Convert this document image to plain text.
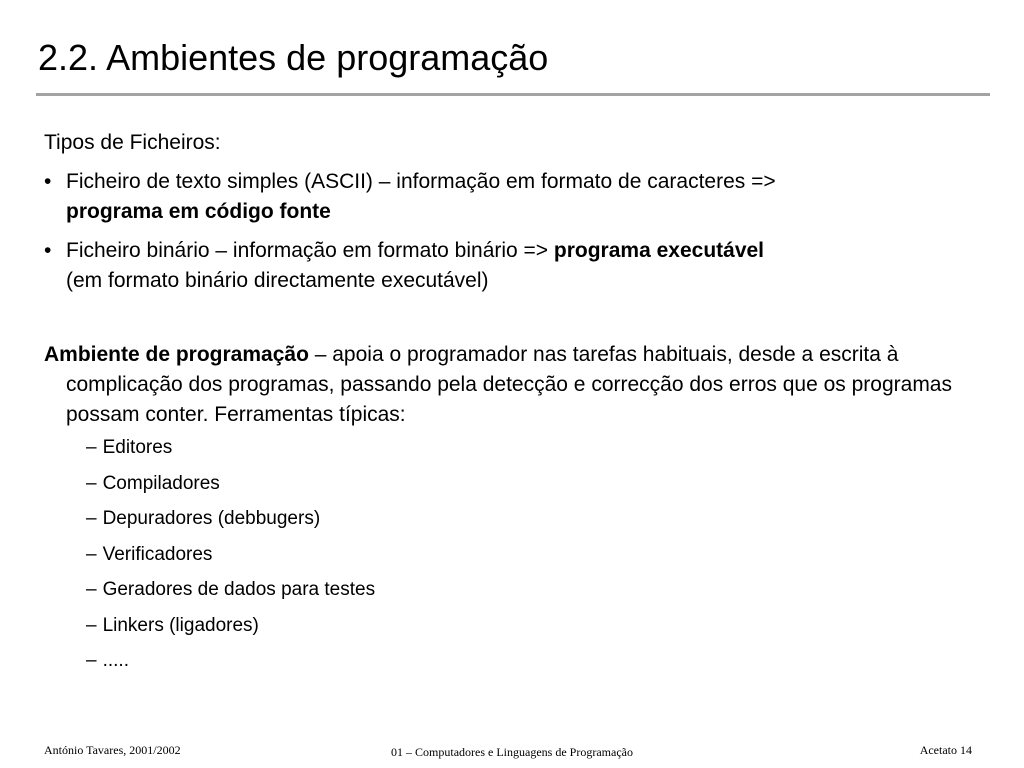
2.2. Ambientes de programação
Tipos de Ficheiros:
• Ficheiro de texto simples (ASCII) – informação em formato de caracteres =>
programa em código fonte
• Ficheiro binário – informação em formato binário => programa executável
(em formato binário directamente executável)
Ambiente de programação – apoia o programador nas tarefas habituais, desde a escrita à complicação dos programas, passando pela detecção e correcção dos erros que os programas possam conter. Ferramentas típicas:
– Editores
– Compiladores
– Depuradores (debbugers)
– Verificadores
– Geradores de dados para testes
– Linkers (ligadores)
– .....
António Tavares, 2001/2002	01 – Computadores e Linguagens de Programação	Acetato 14
